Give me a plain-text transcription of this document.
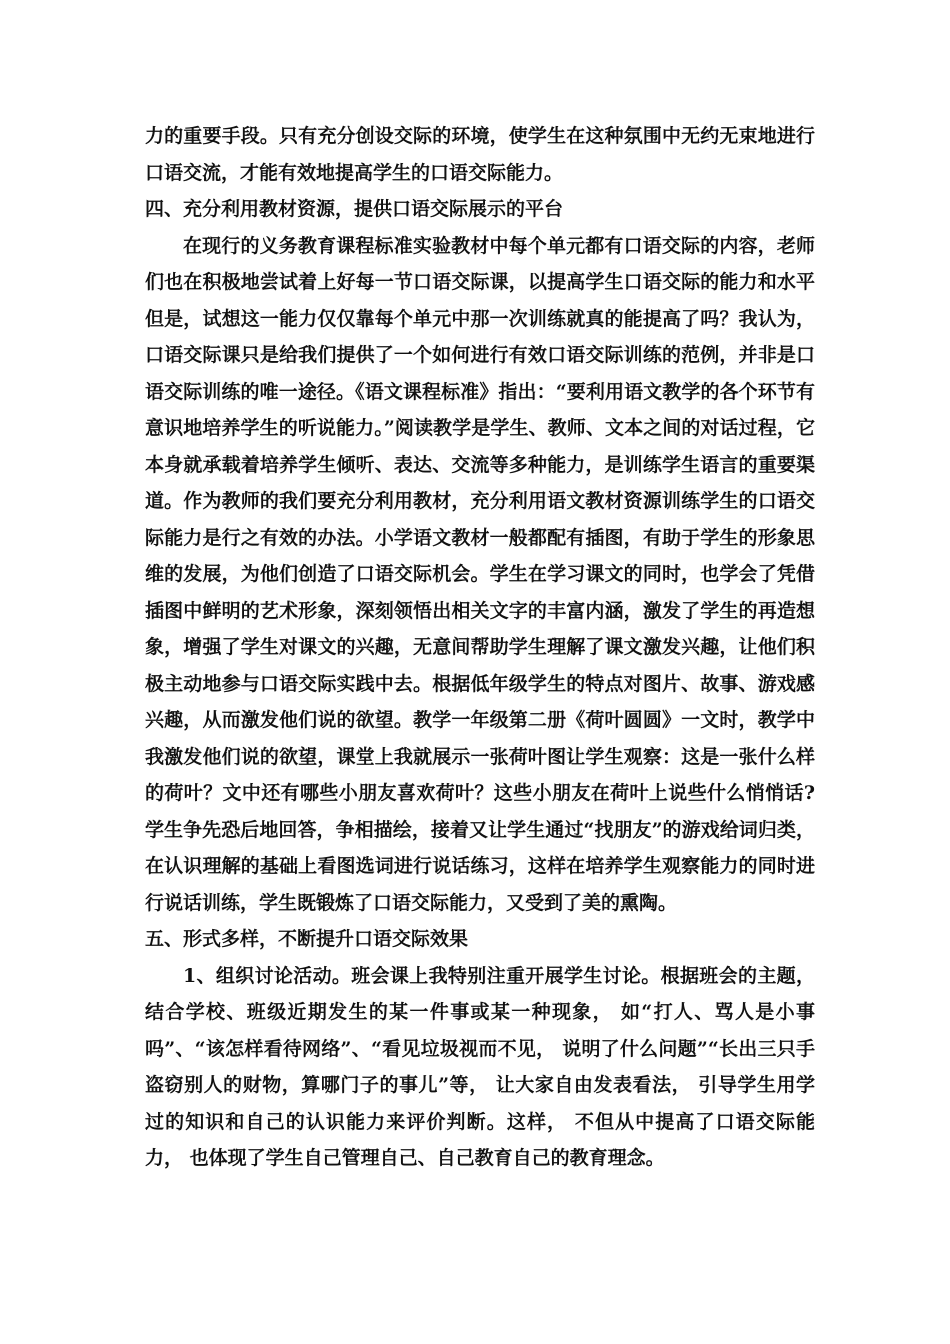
力的重要手段。只有充分创设交际的环境，使学生在这种氛围中无约无束地进行口语交流，才能有效地提高学生的口语交际能力。

四、充分利用教材资源，提供口语交际展示的平台

在现行的义务教育课程标准实验教材中每个单元都有口语交际的内容，老师们也在积极地尝试着上好每一节口语交际课，以提高学生口语交际的能力和水平但是，试想这一能力仅仅靠每个单元中那一次训练就真的能提高了吗？我认为，口语交际课只是给我们提供了一个如何进行有效口语交际训练的范例，并非是口语交际训练的唯一途径。《语文课程标准》指出：“要利用语文教学的各个环节有意识地培养学生的听说能力。”阅读教学是学生、教师、文本之间的对话过程，它本身就承载着培养学生倾听、表达、交流等多种能力，是训练学生语言的重要渠道。作为教师的我们要充分利用教材，充分利用语文教材资源训练学生的口语交际能力是行之有效的办法。小学语文教材一般都配有插图，有助于学生的形象思维的发展，为他们创造了口语交际机会。学生在学习课文的同时，也学会了凭借插图中鲜明的艺术形象，深刻领悟出相关文字的丰富内涵，激发了学生的再造想象，增强了学生对课文的兴趣，无意间帮助学生理解了课文激发兴趣，让他们积极主动地参与口语交际实践中去。根据低年级学生的特点对图片、故事、游戏感兴趣，从而激发他们说的欲望。教学一年级第二册《荷叶圆圆》一文时，教学中我激发他们说的欲望，课堂上我就展示一张荷叶图让学生观察：这是一张什么样的荷叶？文中还有哪些小朋友喜欢荷叶？这些小朋友在荷叶上说些什么悄悄话?学生争先恐后地回答，争相描绘，接着又让学生通过“找朋友”的游戏给词归类，在认识理解的基础上看图选词进行说话练习，这样在培养学生观察能力的同时进行说话训练，学生既锻炼了口语交际能力，又受到了美的熏陶。

五、形式多样，不断提升口语交际效果

1、组织讨论活动。班会课上我特别注重开展学生讨论。根据班会的主题， 结合学校、班级近期发生的某一件事或某一种现象， 如“打人、骂人是小事吗”、“该怎样看待网络”、“看见垃圾视而不见， 说明了什么问题”“长出三只手盗窃别人的财物，算哪门子的事儿”等， 让大家自由发表看法， 引导学生用学过的知识和自己的认识能力来评价判断。这样， 不但从中提高了口语交际能力， 也体现了学生自己管理自己、自己教育自己的教育理念。
